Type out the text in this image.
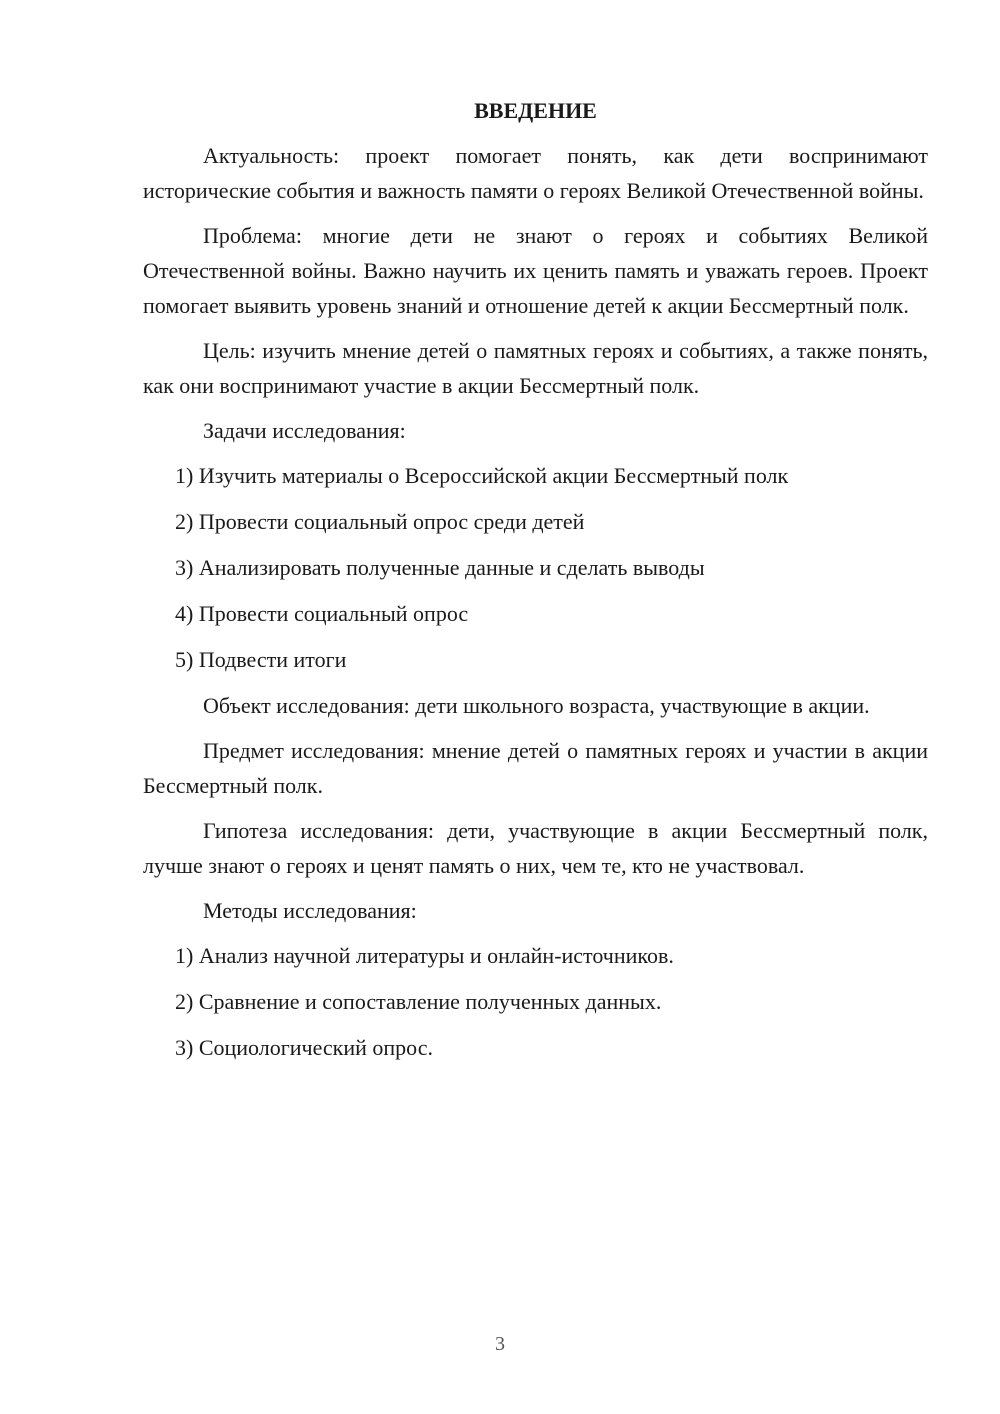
ВВЕДЕНИЕ

Актуальность: проект помогает понять, как дети воспринимают исторические события и важность памяти о героях Великой Отечественной войны.

Проблема: многие дети не знают о героях и событиях Великой Отечественной войны. Важно научить их ценить память и уважать героев. Проект помогает выявить уровень знаний и отношение детей к акции Бессмертный полк.

Цель: изучить мнение детей о памятных героях и событиях, а также понять, как они воспринимают участие в акции Бессмертный полк.

Задачи исследования:

1) Изучить материалы о Всероссийской акции Бессмертный полк
2) Провести социальный опрос среди детей
3) Анализировать полученные данные и сделать выводы
4) Провести социальный опрос
5) Подвести итоги

Объект исследования: дети школьного возраста, участвующие в акции.

Предмет исследования: мнение детей о памятных героях и участии в акции Бессмертный полк.

Гипотеза исследования: дети, участвующие в акции Бессмертный полк, лучше знают о героях и ценят память о них, чем те, кто не участвовал.

Методы исследования:

1) Анализ научной литературы и онлайн-источников.
2) Сравнение и сопоставление полученных данных.
3) Социологический опрос.
3
